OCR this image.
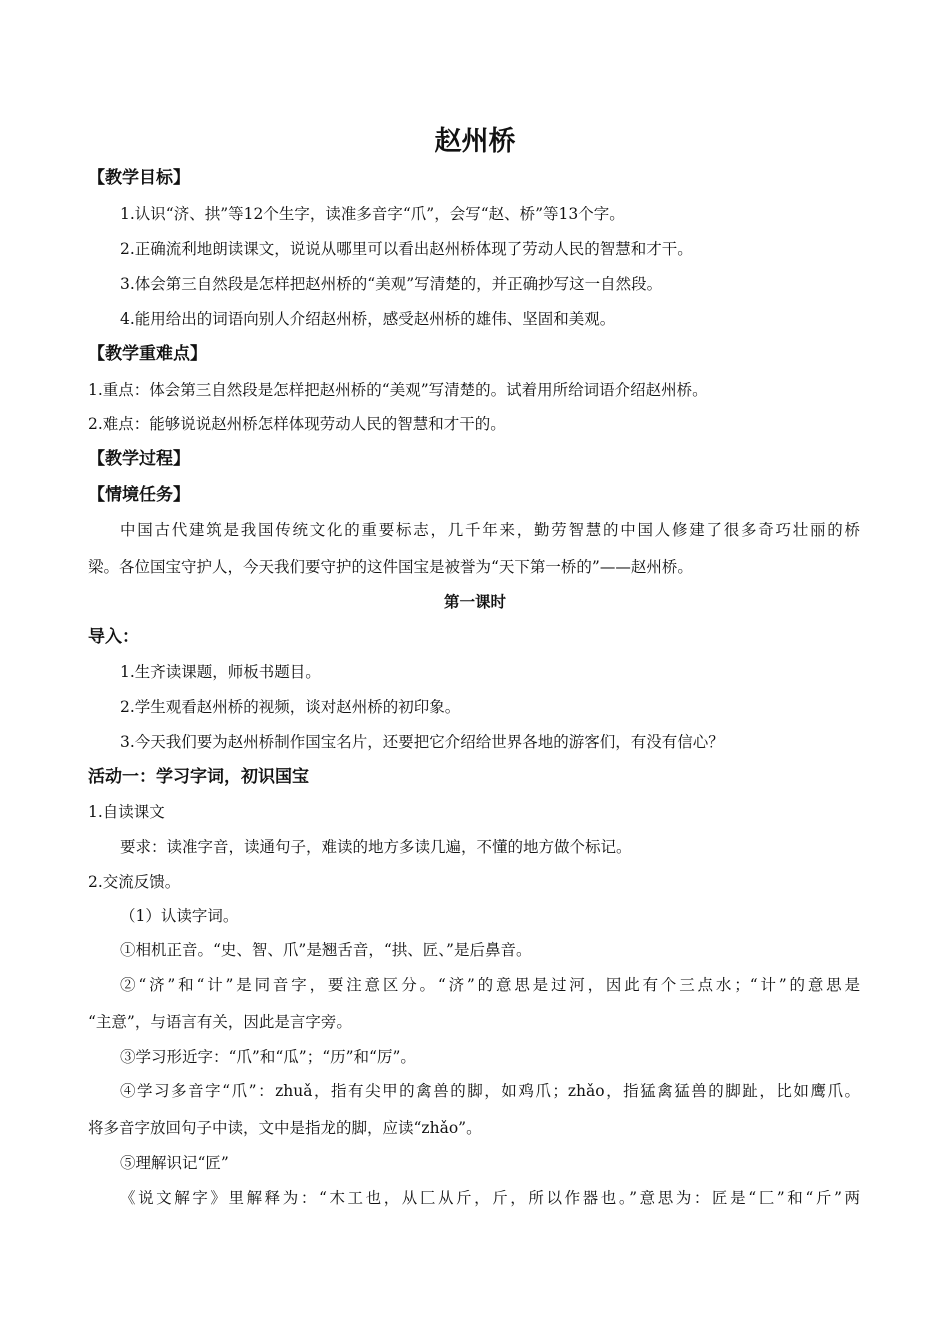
赵州桥
【教学目标】
1.认识“济、拱”等12个生字，读准多音字“爪”，会写“赵、桥”等13个字。
2.正确流利地朗读课文，说说从哪里可以看出赵州桥体现了劳动人民的智慧和才干。
3.体会第三自然段是怎样把赵州桥的“美观”写清楚的，并正确抄写这一自然段。
4.能用给出的词语向别人介绍赵州桥，感受赵州桥的雄伟、坚固和美观。
【教学重难点】
1.重点：体会第三自然段是怎样把赵州桥的“美观”写清楚的。试着用所给词语介绍赵州桥。
2.难点：能够说说赵州桥怎样体现劳动人民的智慧和才干的。
【教学过程】
【情境任务】
中国古代建筑是我国传统文化的重要标志，几千年来，勤劳智慧的中国人修建了很多奇巧壮丽的桥
梁。各位国宝守护人，今天我们要守护的这件国宝是被誉为“天下第一桥的”——赵州桥。
第一课时
导入：
1.生齐读课题，师板书题目。
2.学生观看赵州桥的视频，谈对赵州桥的初印象。
3.今天我们要为赵州桥制作国宝名片，还要把它介绍给世界各地的游客们，有没有信心？
活动一：学习字词，初识国宝
1.自读课文
要求：读准字音，读通句子，难读的地方多读几遍，不懂的地方做个标记。
2.交流反馈。
（1）认读字词。
①相机正音。“史、智、爪”是翘舌音，“拱、匠、”是后鼻音。
②“济”和“计”是同音字，要注意区分。“济”的意思是过河，因此有个三点水；“计”的意思是
“主意”，与语言有关，因此是言字旁。
③学习形近字：“爪”和“瓜”；“历”和“厉”。
④学习多音字“爪”：zhuǎ，指有尖甲的禽兽的脚，如鸡爪；zhǎo，指猛禽猛兽的脚趾，比如鹰爪。
将多音字放回句子中读，文中是指龙的脚，应读“zhǎo”。
⑤理解识记“匠”
《说文解字》里解释为：“木工也，从匚从斤，斤，所以作器也。”意思为：匠是“匚”和“斤”两
